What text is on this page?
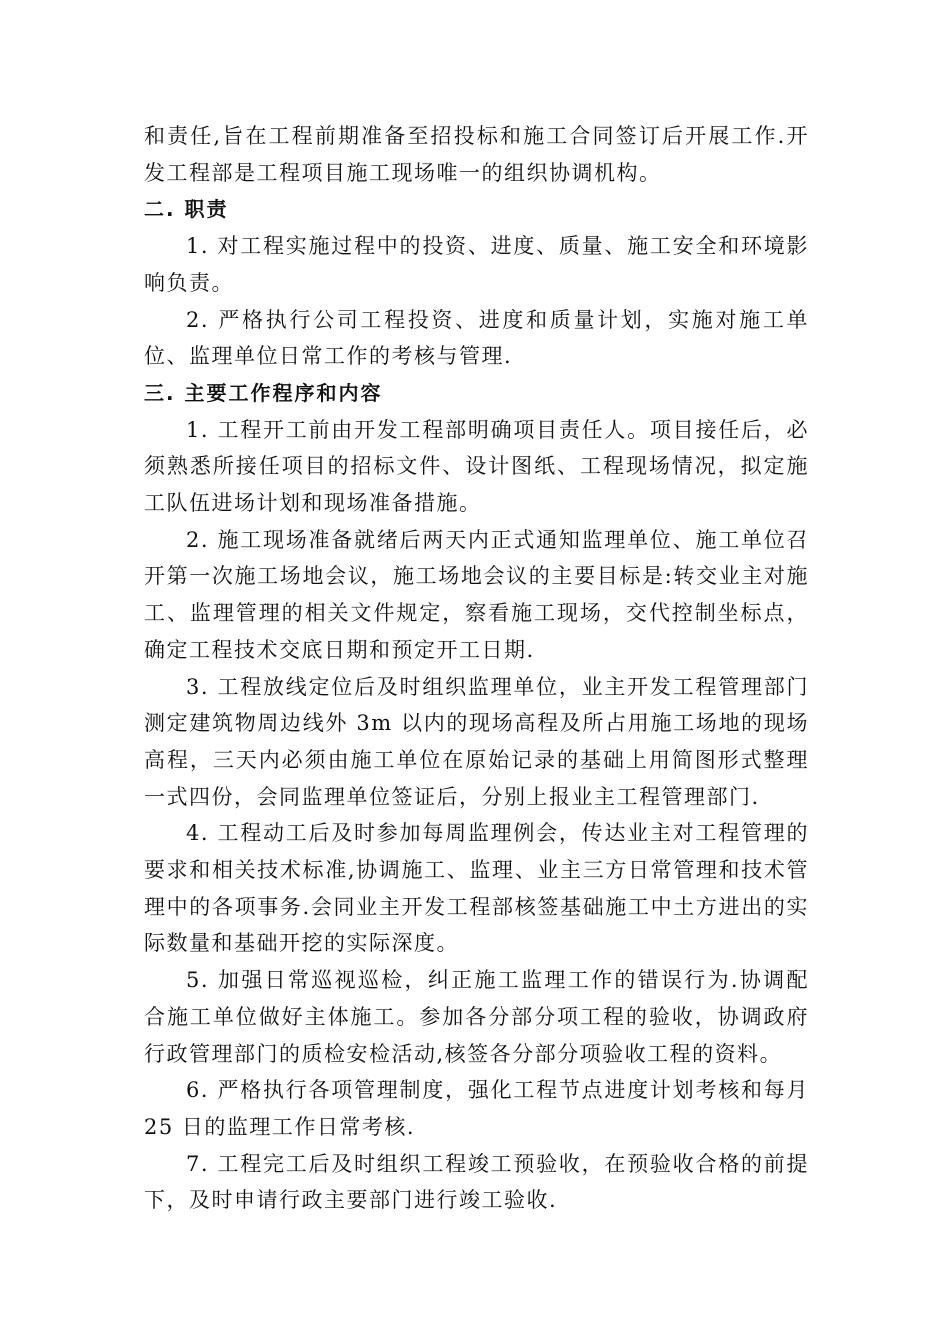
和责任,旨在工程前期准备至招投标和施工合同签订后开展工作.开发工程部是工程项目施工现场唯一的组织协调机构。

二. 职责

1. 对工程实施过程中的投资、进度、质量、施工安全和环境影响负责。

2. 严格执行公司工程投资、进度和质量计划，实施对施工单位、监理单位日常工作的考核与管理.

三. 主要工作程序和内容

1. 工程开工前由开发工程部明确项目责任人。项目接任后，必须熟悉所接任项目的招标文件、设计图纸、工程现场情况，拟定施工队伍进场计划和现场准备措施。

2. 施工现场准备就绪后两天内正式通知监理单位、施工单位召开第一次施工场地会议，施工场地会议的主要目标是:转交业主对施工、监理管理的相关文件规定，察看施工现场，交代控制坐标点，确定工程技术交底日期和预定开工日期.

3. 工程放线定位后及时组织监理单位，业主开发工程管理部门测定建筑物周边线外 3m 以内的现场高程及所占用施工场地的现场高程，三天内必须由施工单位在原始记录的基础上用简图形式整理一式四份，会同监理单位签证后，分别上报业主工程管理部门.

4. 工程动工后及时参加每周监理例会，传达业主对工程管理的要求和相关技术标准,协调施工、监理、业主三方日常管理和技术管理中的各项事务.会同业主开发工程部核签基础施工中土方进出的实际数量和基础开挖的实际深度。

5. 加强日常巡视巡检，纠正施工监理工作的错误行为.协调配合施工单位做好主体施工。参加各分部分项工程的验收，协调政府行政管理部门的质检安检活动,核签各分部分项验收工程的资料。

6. 严格执行各项管理制度，强化工程节点进度计划考核和每月 25 日的监理工作日常考核.

7. 工程完工后及时组织工程竣工预验收，在预验收合格的前提下，及时申请行政主要部门进行竣工验收.
